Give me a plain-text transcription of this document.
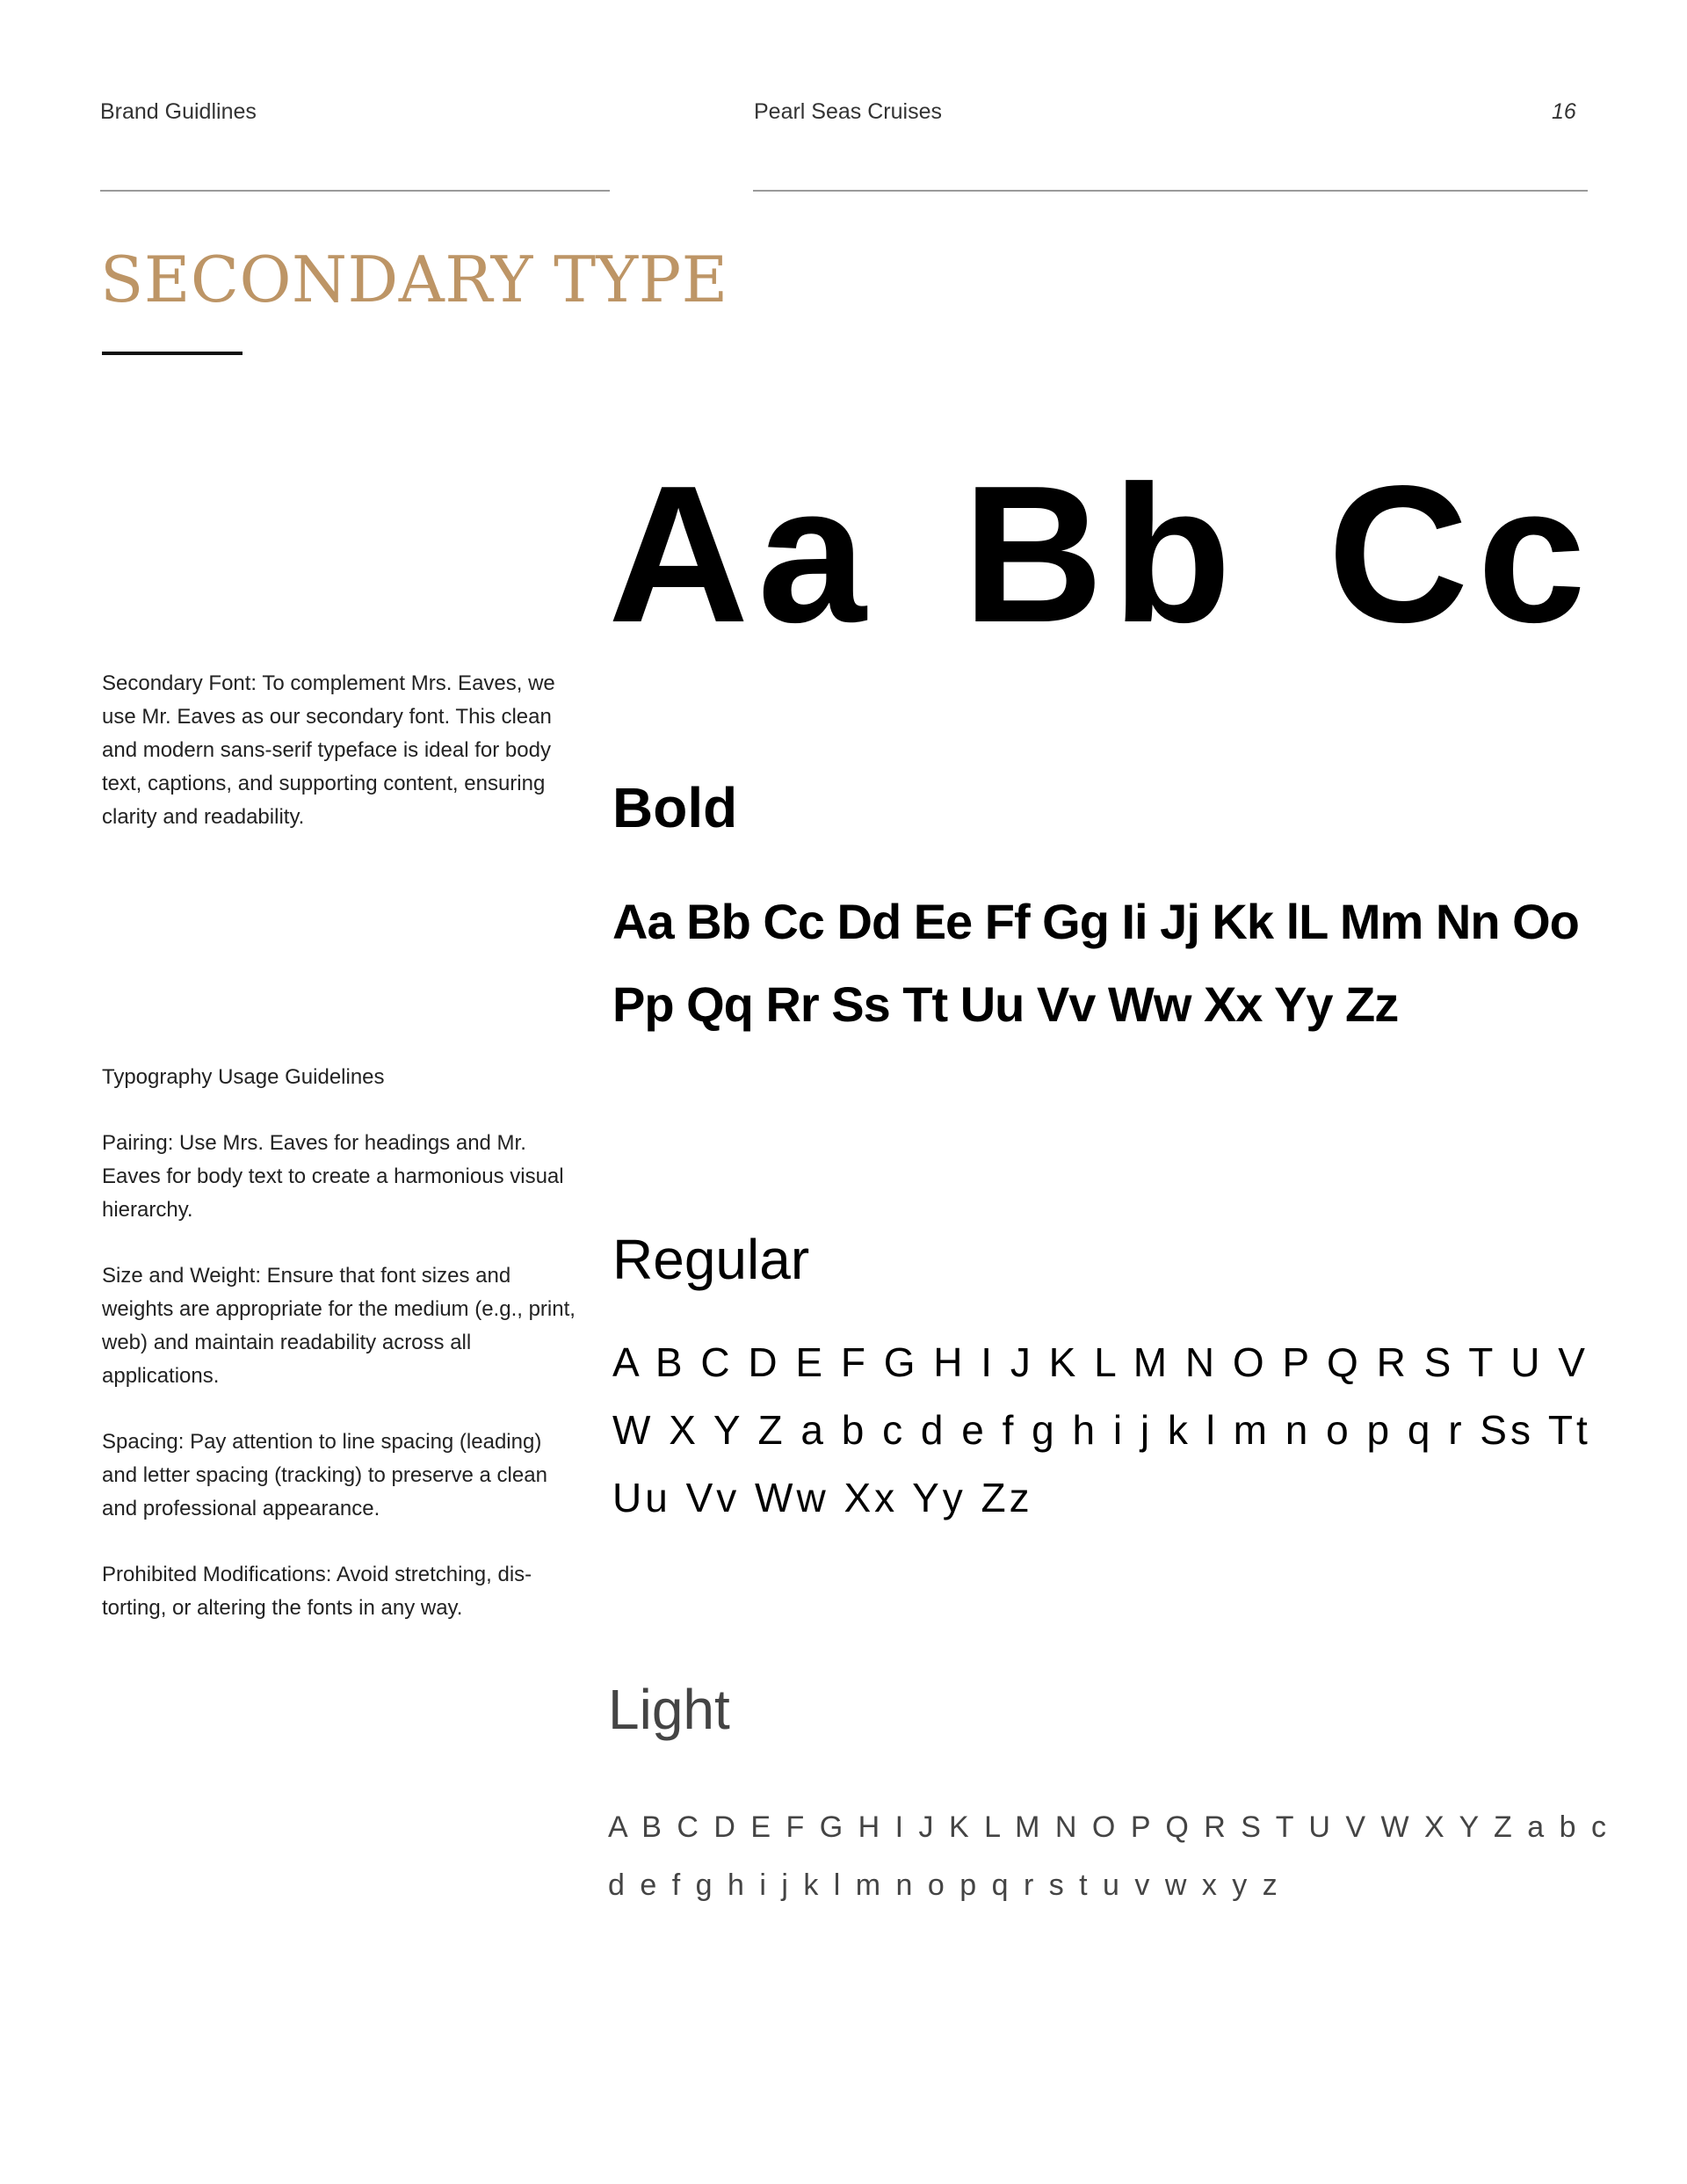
Brand Guidlines	Pearl Seas Cruises	16
SECONDARY TYPE
Aa Bb Cc
Secondary Font: To complement Mrs. Eaves, we use Mr. Eaves as our secondary font. This clean and modern sans-serif typeface is ideal for body text, captions, and supporting content, ensuring clarity and readability.
Typography Usage Guidelines
Pairing: Use Mrs. Eaves for headings and Mr. Eaves for body text to create a harmonious visual hierarchy.
Size and Weight: Ensure that font sizes and weights are appropriate for the medium (e.g., print, web) and maintain readability across all applications.
Spacing: Pay attention to line spacing (leading) and letter spacing (tracking) to preserve a clean and professional appearance.
Prohibited Modifications: Avoid stretching, dis-torting, or altering the fonts in any way.
Bold
Aa Bb Cc Dd Ee Ff Gg Ii Jj Kk lL Mm Nn Oo Pp Qq Rr Ss Tt Uu Vv Ww Xx Yy Zz
Regular
A B C D E F G H I J K L M N O P Q R S T U V W X Y Z a b c d e f g h i j k l m n o p q r Ss Tt Uu Vv Ww Xx Yy Zz
Light
A B C D E F G H I J K L M N O P Q R S T U V W X Y Z a b c d e f g h i j k l m n o p q r s t u v w x y z
